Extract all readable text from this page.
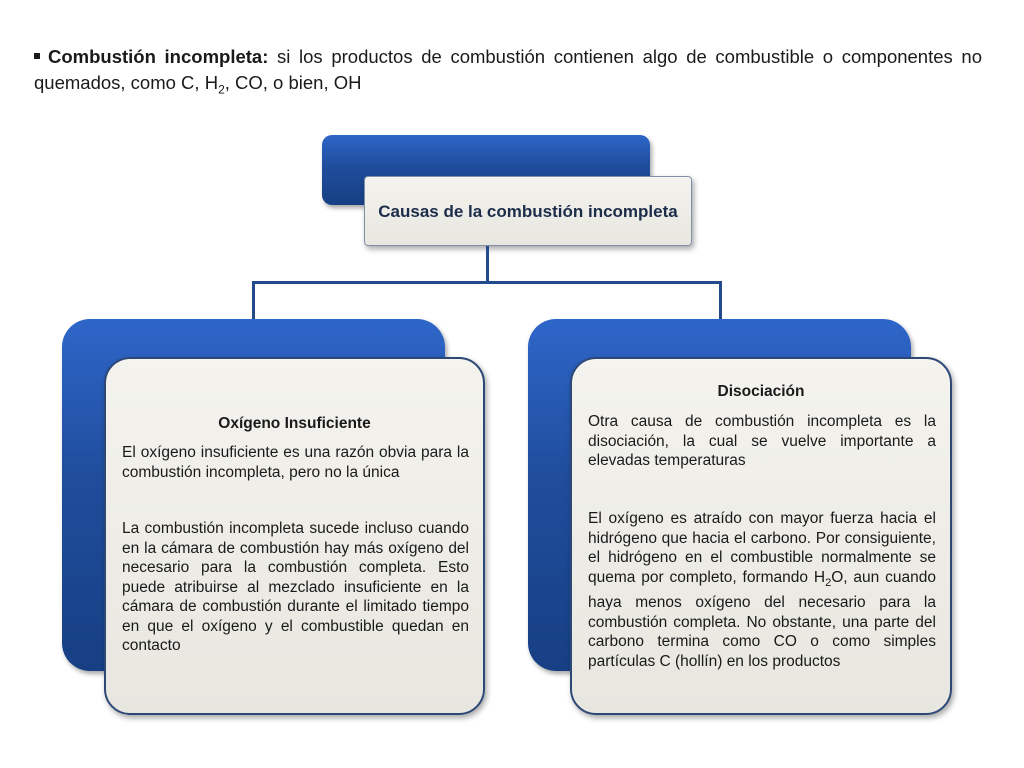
Combustión incompleta: si los productos de combustión contienen algo de combustible o componentes no quemados, como C, $H_2$, CO, o bien, OH
Causas de la combustión incompleta
Oxígeno Insuficiente
El oxígeno insuficiente es una razón obvia para la combustión incompleta, pero no la única
La combustión incompleta sucede incluso cuando en la cámara de combustión hay más oxígeno del necesario para la combustión completa. Esto puede atribuirse al mezclado insuficiente en la cámara de combustión durante el limitado tiempo en que el oxígeno y el combustible quedan en contacto
Disociación
Otra causa de combustión incompleta es la disociación, la cual se vuelve importante a elevadas temperaturas
El oxígeno es atraído con mayor fuerza hacia el hidrógeno que hacia el carbono. Por consiguiente, el hidrógeno en el combustible normalmente se quema por completo, formando $H_2O$, aun cuando haya menos oxígeno del necesario para la combustión completa. No obstante, una parte del carbono termina como CO o como simples partículas C (hollín) en los productos
